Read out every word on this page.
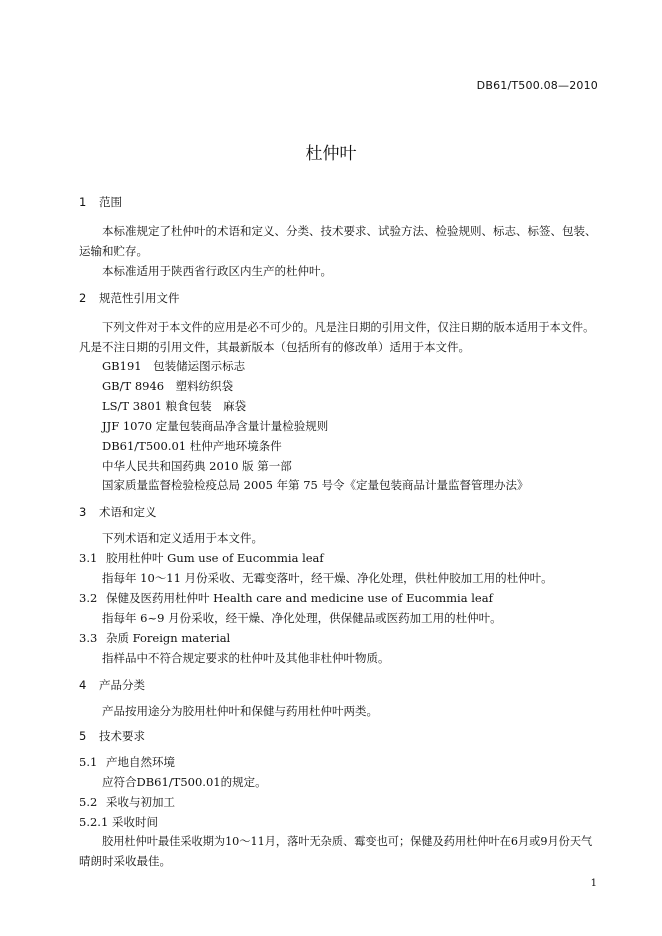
DB61/T500.08—2010
杜仲叶
1 范围
本标准规定了杜仲叶的术语和定义、分类、技术要求、试验方法、检验规则、标志、标签、包装、
运输和贮存。
本标准适用于陕西省行政区内生产的杜仲叶。
2 规范性引用文件
下列文件对于本文件的应用是必不可少的。凡是注日期的引用文件，仅注日期的版本适用于本文件。
凡是不注日期的引用文件，其最新版本（包括所有的修改单）适用于本文件。
GB191　包装储运图示标志
GB/T 8946　塑料纺织袋
LS/T 3801 粮食包装　麻袋
JJF 1070 定量包装商品净含量计量检验规则
DB61/T500.01 杜仲产地环境条件
中华人民共和国药典 2010 版 第一部
国家质量监督检验检疫总局 2005 年第 75 号令《定量包装商品计量监督管理办法》
3 术语和定义
下列术语和定义适用于本文件。
3.1 胶用杜仲叶 Gum use of Eucommia leaf
指每年 10～11 月份采收、无霉变落叶，经干燥、净化处理，供杜仲胶加工用的杜仲叶。
3.2 保健及医药用杜仲叶 Health care and medicine use of Eucommia leaf
指每年 6~9 月份采收，经干燥、净化处理，供保健品或医药加工用的杜仲叶。
3.3 杂质 Foreign material
指样品中不符合规定要求的杜仲叶及其他非杜仲叶物质。
4 产品分类
产品按用途分为胶用杜仲叶和保健与药用杜仲叶两类。
5 技术要求
5.1 产地自然环境
应符合DB61/T500.01的规定。
5.2 采收与初加工
5.2.1 采收时间
胶用杜仲叶最佳采收期为10～11月，落叶无杂质、霉变也可；保健及药用杜仲叶在6月或9月份天气
晴朗时采收最佳。
1
